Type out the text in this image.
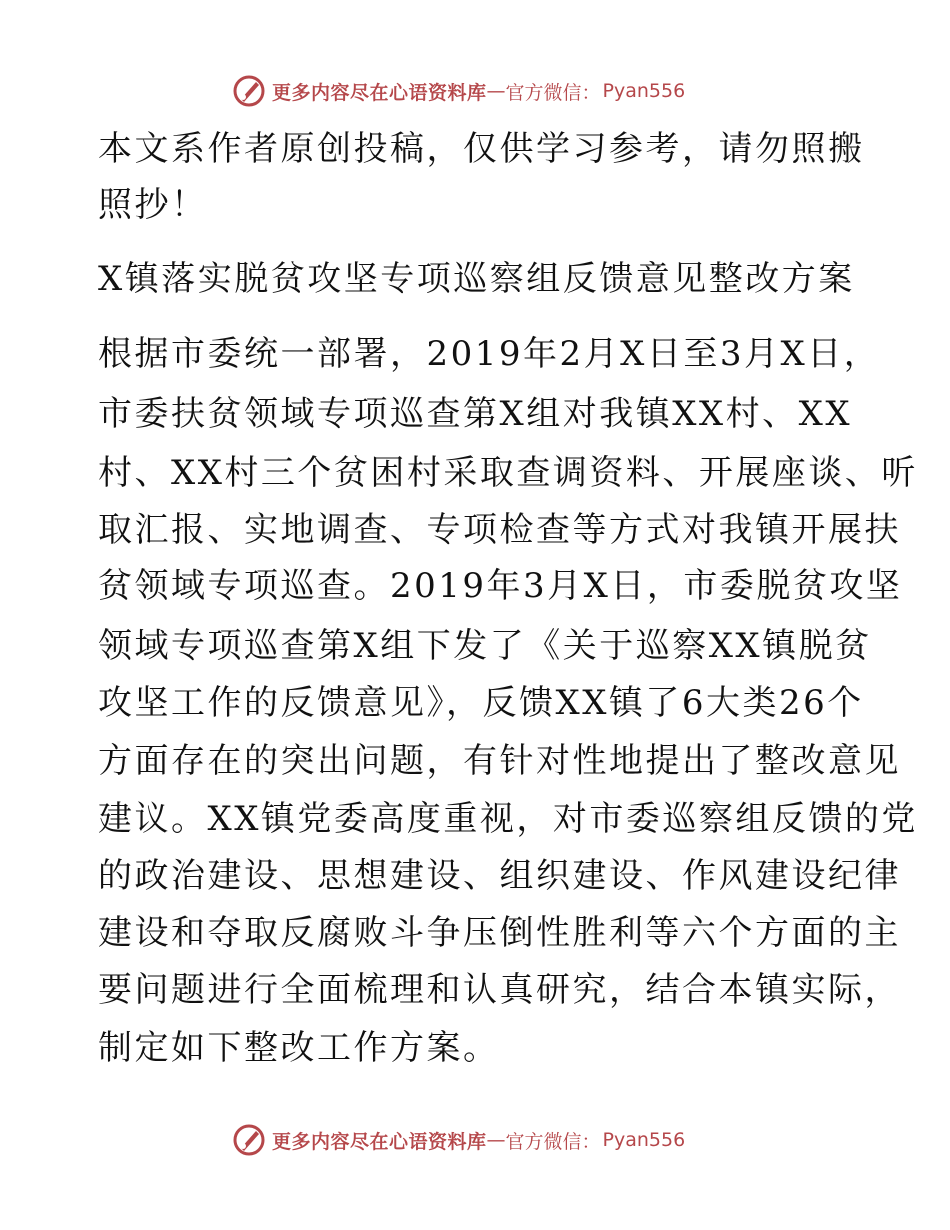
更多内容尽在心语资料库 — 官方微信： Pyan556
本文系作者原创投稿，仅供学习参考，请勿照搬
照抄！
X镇落实脱贫攻坚专项巡察组反馈意见整改方案
根据市委统一部署，2019年2月X日至3月X日，
市委扶贫领域专项巡查第X组对我镇XX村、XX
村、XX村三个贫困村采取查调资料、开展座谈、听
取汇报、实地调查、专项检查等方式对我镇开展扶
贫领域专项巡查。2019年3月X日，市委脱贫攻坚
领域专项巡查第X组下发了《关于巡察XX镇脱贫
攻坚工作的反馈意见》，反馈XX镇了6大类26个
方面存在的突出问题，有针对性地提出了整改意见
建议。XX镇党委高度重视，对市委巡察组反馈的党
的政治建设、思想建设、组织建设、作风建设纪律
建设和夺取反腐败斗争压倒性胜利等六个方面的主
要问题进行全面梳理和认真研究，结合本镇实际，
制定如下整改工作方案。
更多内容尽在心语资料库 — 官方微信： Pyan556
